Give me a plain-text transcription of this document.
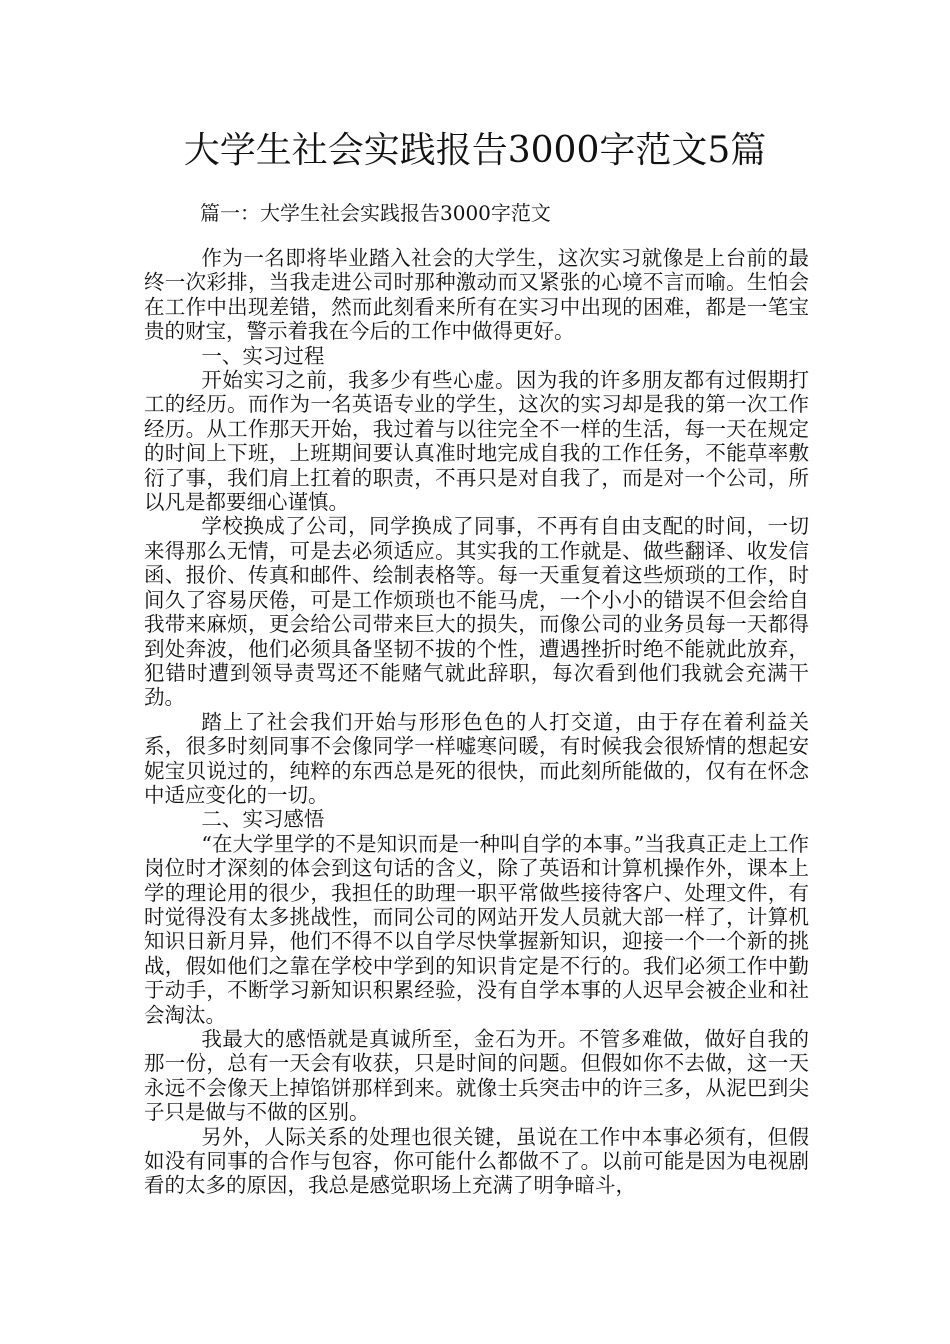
大学生社会实践报告3000字范文5篇
篇一：大学生社会实践报告3000字范文

作为一名即将毕业踏入社会的大学生，这次实习就像是上台前的最终一次彩排，当我走进公司时那种激动而又紧张的心境不言而喻。生怕会在工作中出现差错，然而此刻看来所有在实习中出现的困难，都是一笔宝贵的财宝，警示着我在今后的工作中做得更好。

一、实习过程

开始实习之前，我多少有些心虚。因为我的许多朋友都有过假期打工的经历。而作为一名英语专业的学生，这次的实习却是我的第一次工作经历。从工作那天开始，我过着与以往完全不一样的生活，每一天在规定的时间上下班，上班期间要认真准时地完成自我的工作任务，不能草率敷衍了事，我们肩上扛着的职责，不再只是对自我了，而是对一个公司，所以凡是都要细心谨慎。

学校换成了公司，同学换成了同事，不再有自由支配的时间，一切来得那么无情，可是去必须适应。其实我的工作就是、做些翻译、收发信函、报价、传真和邮件、绘制表格等。每一天重复着这些烦琐的工作，时间久了容易厌倦，可是工作烦琐也不能马虎，一个小小的错误不但会给自我带来麻烦，更会给公司带来巨大的损失，而像公司的业务员每一天都得到处奔波，他们必须具备坚韧不拔的个性，遭遇挫折时绝不能就此放弃，犯错时遭到领导责骂还不能赌气就此辞职，每次看到他们我就会充满干劲。

踏上了社会我们开始与形形色色的人打交道，由于存在着利益关系，很多时刻同事不会像同学一样嘘寒问暖，有时候我会很矫情的想起安妮宝贝说过的，纯粹的东西总是死的很快，而此刻所能做的，仅有在怀念中适应变化的一切。

二、实习感悟

“在大学里学的不是知识而是一种叫自学的本事。”当我真正走上工作岗位时才深刻的体会到这句话的含义，除了英语和计算机操作外，课本上学的理论用的很少，我担任的助理一职平常做些接待客户、处理文件，有时觉得没有太多挑战性，而同公司的网站开发人员就大部一样了，计算机知识日新月异，他们不得不以自学尽快掌握新知识，迎接一个一个新的挑战，假如他们之靠在学校中学到的知识肯定是不行的。我们必须工作中勤于动手，不断学习新知识积累经验，没有自学本事的人迟早会被企业和社会淘汰。

我最大的感悟就是真诚所至，金石为开。不管多难做，做好自我的那一份，总有一天会有收获，只是时间的问题。但假如你不去做，这一天永远不会像天上掉馅饼那样到来。就像士兵突击中的许三多，从泥巴到尖子只是做与不做的区别。

另外，人际关系的处理也很关键，虽说在工作中本事必须有，但假如没有同事的合作与包容，你可能什么都做不了。以前可能是因为电视剧看的太多的原因，我总是感觉职场上充满了明争暗斗，
